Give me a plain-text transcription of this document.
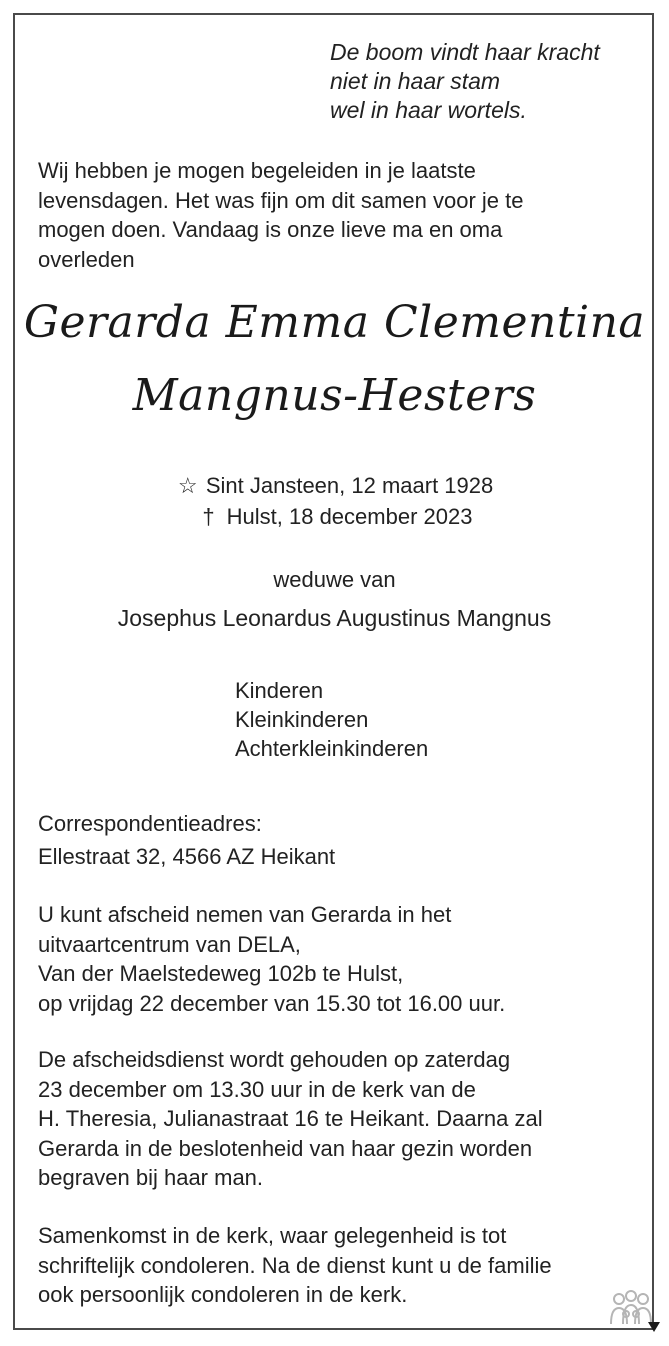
De boom vindt haar kracht
niet in haar stam
wel in haar wortels.
Wij hebben je mogen begeleiden in je laatste
levensdagen. Het was fijn om dit samen voor je te
mogen doen. Vandaag is onze lieve ma en oma
overleden
Gerarda Emma Clementina
Mangnus-Hesters
☆ Sint Jansteen, 12 maart 1928
† Hulst, 18 december 2023
weduwe van
Josephus Leonardus Augustinus Mangnus
Kinderen
Kleinkinderen
Achterkleinkinderen
Correspondentieadres:
Ellestraat 32, 4566 AZ Heikant
U kunt afscheid nemen van Gerarda in het
uitvaartcentrum van DELA,
Van der Maelstedeweg 102b te Hulst,
op vrijdag 22 december van 15.30 tot 16.00 uur.
De afscheidsdienst wordt gehouden op zaterdag
23 december om 13.30 uur in de kerk van de
H. Theresia, Julianastraat 16 te Heikant. Daarna zal
Gerarda in de beslotenheid van haar gezin worden
begraven bij haar man.
Samenkomst in de kerk, waar gelegenheid is tot
schriftelijk condoleren. Na de dienst kunt u de familie
ook persoonlijk condoleren in de kerk.
